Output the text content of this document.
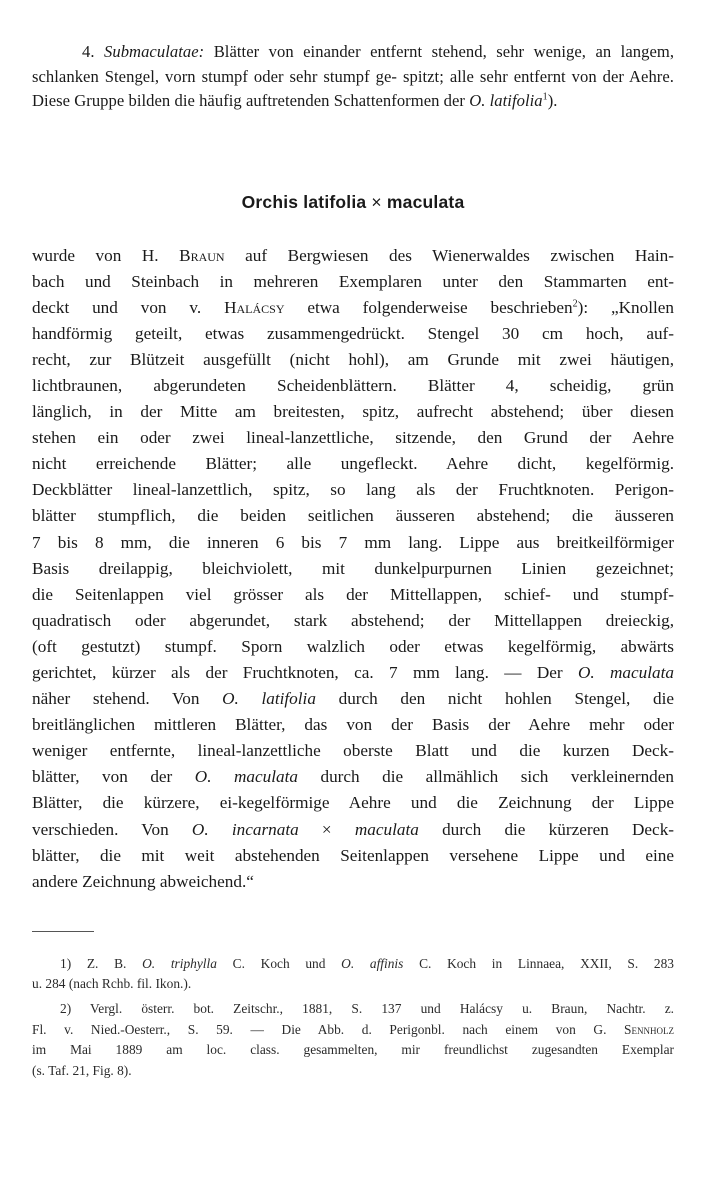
4. Submaculatae: Blätter von einander entfernt stehend, sehr wenige, an langem, schlanken Stengel, vorn stumpf oder sehr stumpf ge- spitzt; alle sehr entfernt von der Aehre. Diese Gruppe bilden die häufig auftretenden Schattenformen der O. latifolia$^1$).

Orchis latifolia × maculata
wurde von H. Braun auf Bergwiesen des Wienerwaldes zwischen Hain-
bach und Steinbach in mehreren Exemplaren unter den Stammarten ent-
deckt und von v. Halácsy etwa folgenderweise beschrieben$^2$): „Knollen
handförmig geteilt, etwas zusammengedrückt. Stengel 30 cm hoch, auf-
recht, zur Blützeit ausgefüllt (nicht hohl), am Grunde mit zwei häutigen,
lichtbraunen, abgerundeten Scheidenblättern. Blätter 4, scheidig, grün
länglich, in der Mitte am breitesten, spitz, aufrecht abstehend; über diesen
stehen ein oder zwei lineal-lanzettliche, sitzende, den Grund der Aehre
nicht erreichende Blätter; alle ungefleckt. Aehre dicht, kegelförmig.
Deckblätter lineal-lanzettlich, spitz, so lang als der Fruchtknoten. Perigon-
blätter stumpflich, die beiden seitlichen äusseren abstehend; die äusseren
7 bis 8 mm, die inneren 6 bis 7 mm lang. Lippe aus breitkeilförmiger
Basis dreilappig, bleichviolett, mit dunkelpurpurnen Linien gezeichnet;
die Seitenlappen viel grösser als der Mittellappen, schief- und stumpf-
quadratisch oder abgerundet, stark abstehend; der Mittellappen dreieckig,
(oft gestutzt) stumpf. Sporn walzlich oder etwas kegelförmig, abwärts
gerichtet, kürzer als der Fruchtknoten, ca. 7 mm lang. — Der O. maculata
näher stehend. Von O. latifolia durch den nicht hohlen Stengel, die
breitlänglichen mittleren Blätter, das von der Basis der Aehre mehr oder
weniger entfernte, lineal-lanzettliche oberste Blatt und die kurzen Deck-
blätter, von der O. maculata durch die allmählich sich verkleinernden
Blätter, die kürzere, ei-kegelförmige Aehre und die Zeichnung der Lippe
verschieden. Von O. incarnata × maculata durch die kürzeren Deck-
blätter, die mit weit abstehenden Seitenlappen versehene Lippe und eine
andere Zeichnung abweichend.“
1) Z. B. O. triphylla C. Koch und O. affinis C. Koch in Linnaea, XXII, S. 283
u. 284 (nach Rchb. fil. Ikon.).
2) Vergl. österr. bot. Zeitschr., 1881, S. 137 und Halácsy u. Braun, Nachtr. z.
Fl. v. Nied.-Oesterr., S. 59. — Die Abb. d. Perigonbl. nach einem von G. Sennholz
im Mai 1889 am loc. class. gesammelten, mir freundlichst zugesandten Exemplar
(s. Taf. 21, Fig. 8).
